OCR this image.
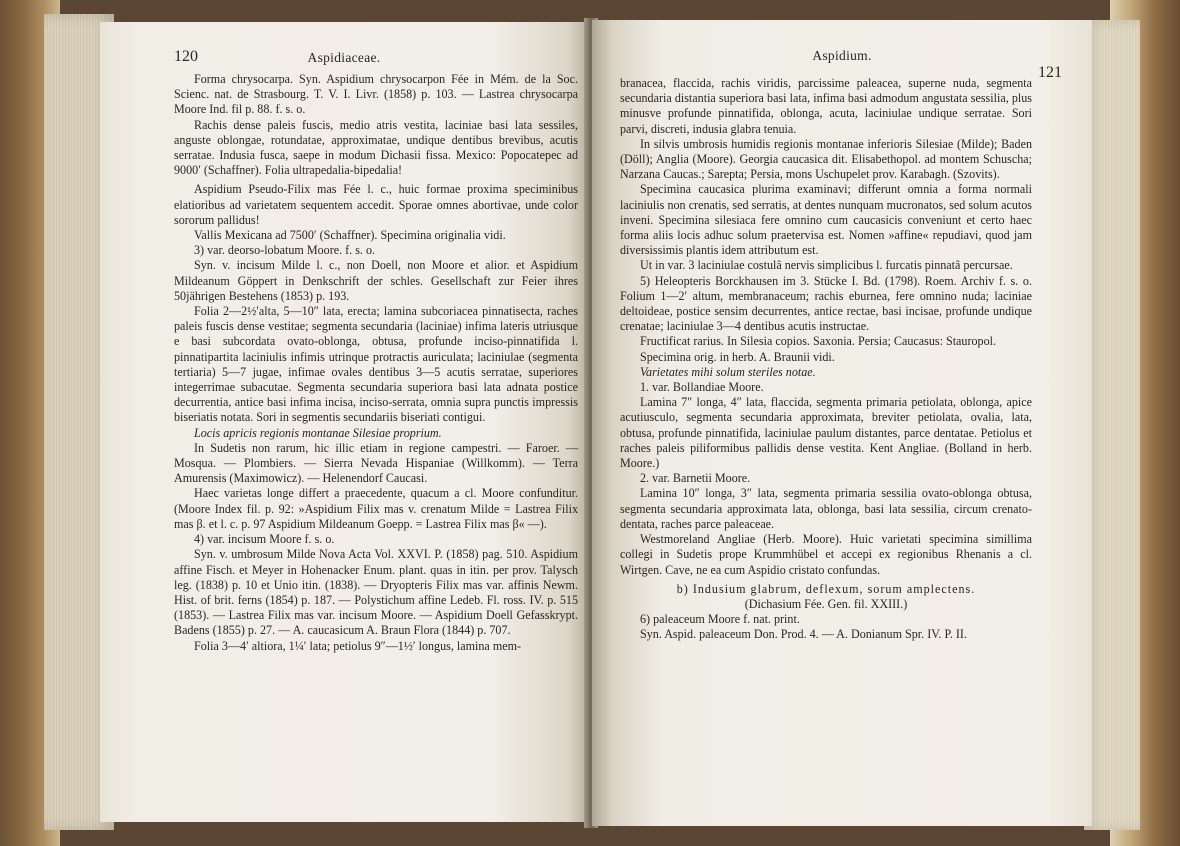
120	Aspidiaceae.

Forma chrysocarpa. Syn. Aspidium chrysocarpon Fée in Mém. de la Soc. Scienc. nat. de Strasbourg. T. V. I. Livr. (1858) p. 103. — Lastrea chrysocarpa Moore Ind. fil p. 88. f. s. o.

Rachis dense paleis fuscis, medio atris vestita, laciniae basi lata sessiles, anguste oblongae, rotundatae, approximatae, undique dentibus brevibus, acutis serratae. Indusia fusca, saepe in modum Dichasii fissa. Mexico: Popocatepec ad 9000′ (Schaffner). Folia ultrapedalia-bipedalia!

Aspidium Pseudo-Filix mas Fée l. c., huic formae proxima speciminibus elatioribus ad varietatem sequentem accedit. Sporae omnes abortivae, unde color sororum pallidus!

Vallis Mexicana ad 7500′ (Schaffner). Specimina originalia vidi.

3) var. deorso-lobatum Moore. f. s. o.

Syn. v. incisum Milde l. c., non Doell, non Moore et alior. et Aspidium Mildeanum Göppert in Denkschrift der schles. Gesellschaft zur Feier ihres 50jährigen Bestehens (1853) p. 193.

Folia 2—2½′alta, 5—10″ lata, erecta; lamina subcoriacea pinnatisecta, raches paleis fuscis dense vestitae; segmenta secundaria (laciniae) infima lateris utriusque e basi subcordata ovato-oblonga, obtusa, profunde inciso-pinnatifida l. pinnatipartita laciniulis infimis utrinque protractis auriculata; laciniulae (segmenta tertiaria) 5—7 jugae, infimae ovales dentibus 3—5 acutis serratae, superiores integerrimae subacutae. Segmenta secundaria superiora basi lata adnata postice decurrentia, antice basi infima incisa, inciso-serrata, omnia supra punctis impressis biseriatis notata. Sori in segmentis secundariis biseriati contigui.

Locis apricis regionis montanae Silesiae proprium.

In Sudetis non rarum, hic illic etiam in regione campestri. — Faroer. — Mosqua. — Plombiers. — Sierra Nevada Hispaniae (Willkomm). — Terra Amurensis (Maximowicz). — Helenendorf Caucasi.

Haec varietas longe differt a praecedente, quacum a cl. Moore confunditur. (Moore Index fil. p. 92: »Aspidium Filix mas v. crenatum Milde = Lastrea Filix mas β. et l. c. p. 97 Aspidium Mildeanum Goepp. = Lastrea Filix mas β« —).

4) var. incisum Moore f. s. o.

Syn. v. umbrosum Milde Nova Acta Vol. XXVI. P. (1858) pag. 510. Aspidium affine Fisch. et Meyer in Hohenacker Enum. plant. quas in itin. per prov. Talysch leg. (1838) p. 10 et Unio itin. (1838). — Dryopteris Filix mas var. affinis Newm. Hist. of brit. ferns (1854) p. 187. — Polystichum affine Ledeb. Fl. ross. IV. p. 515 (1853). — Lastrea Filix mas var. incisum Moore. — Aspidium Doell Gefasskrypt. Badens (1855) p. 27. — A. caucasicum A. Braun Flora (1844) p. 707.

Folia 3—4′ altiora, 1¼′ lata; petiolus 9″—1½′ longus, lamina mem-

Aspidium.
121

branacea, flaccida, rachis viridis, parcissime paleacea, superne nuda, segmenta secundaria distantia superiora basi lata, infima basi admodum angustata sessilia, plus minusve profunde pinnatifida, oblonga, acuta, laciniulae undique serratae. Sori parvi, discreti, indusia glabra tenuia.

In silvis umbrosis humidis regionis montanae inferioris Silesiae (Milde); Baden (Döll); Anglia (Moore). Georgia caucasica dit. Elisabethopol. ad montem Schuscha; Narzana Caucas.; Sarepta; Persia, mons Uschupelet prov. Karabagh. (Szovits).

Specimina caucasica plurima examinavi; differunt omnia a forma normali laciniulis non crenatis, sed serratis, at dentes nunquam mucronatos, sed solum acutos inveni. Specimina silesiaca fere omnino cum caucasicis conveniunt et certo haec forma aliis locis adhuc solum praetervisa est. Nomen »affine« repudiavi, quod jam diversissimis plantis idem attributum est.

Ut in var. 3 laciniulae costulâ nervis simplicibus l. furcatis pinnatâ percursae.

5) Heleopteris Borckhausen im 3. Stücke I. Bd. (1798). Roem. Archiv f. s. o. Folium 1—2′ altum, membranaceum; rachis eburnea, fere omnino nuda; laciniae deltoideae, postice sensim decurrentes, antice rectae, basi incisae, profunde undique crenatae; laciniulae 3—4 dentibus acutis instructae.

Fructificat rarius. In Silesia copios. Saxonia. Persia; Caucasus: Stauropol.

Specimina orig. in herb. A. Braunii vidi.

Varietates mihi solum steriles notae.

1. var. Bollandiae Moore.

Lamina 7″ longa, 4″ lata, flaccida, segmenta primaria petiolata, oblonga, apice acutiusculo, segmenta secundaria approximata, breviter petiolata, ovalia, lata, obtusa, profunde pinnatifida, laciniulae paulum distantes, parce dentatae. Petiolus et raches paleis piliformibus pallidis dense vestita. Kent Angliae. (Bolland in herb. Moore.)

2. var. Barnetii Moore.

Lamina 10″ longa, 3″ lata, segmenta primaria sessilia ovato-oblonga obtusa, segmenta secundaria approximata lata, oblonga, basi lata sessilia, circum crenato-dentata, raches parce paleaceae.

Westmoreland Angliae (Herb. Moore). Huic varietati specimina simillima collegi in Sudetis prope Krummhübel et accepi ex regionibus Rhenanis a cl. Wirtgen. Cave, ne ea cum Aspidio cristato confundas.

b) Indusium glabrum, deflexum, sorum amplectens.

(Dichasium Fée. Gen. fil. XXIII.)

6) paleaceum Moore f. nat. print.

Syn. Aspid. paleaceum Don. Prod. 4. — A. Donianum Spr. IV. P. II.
